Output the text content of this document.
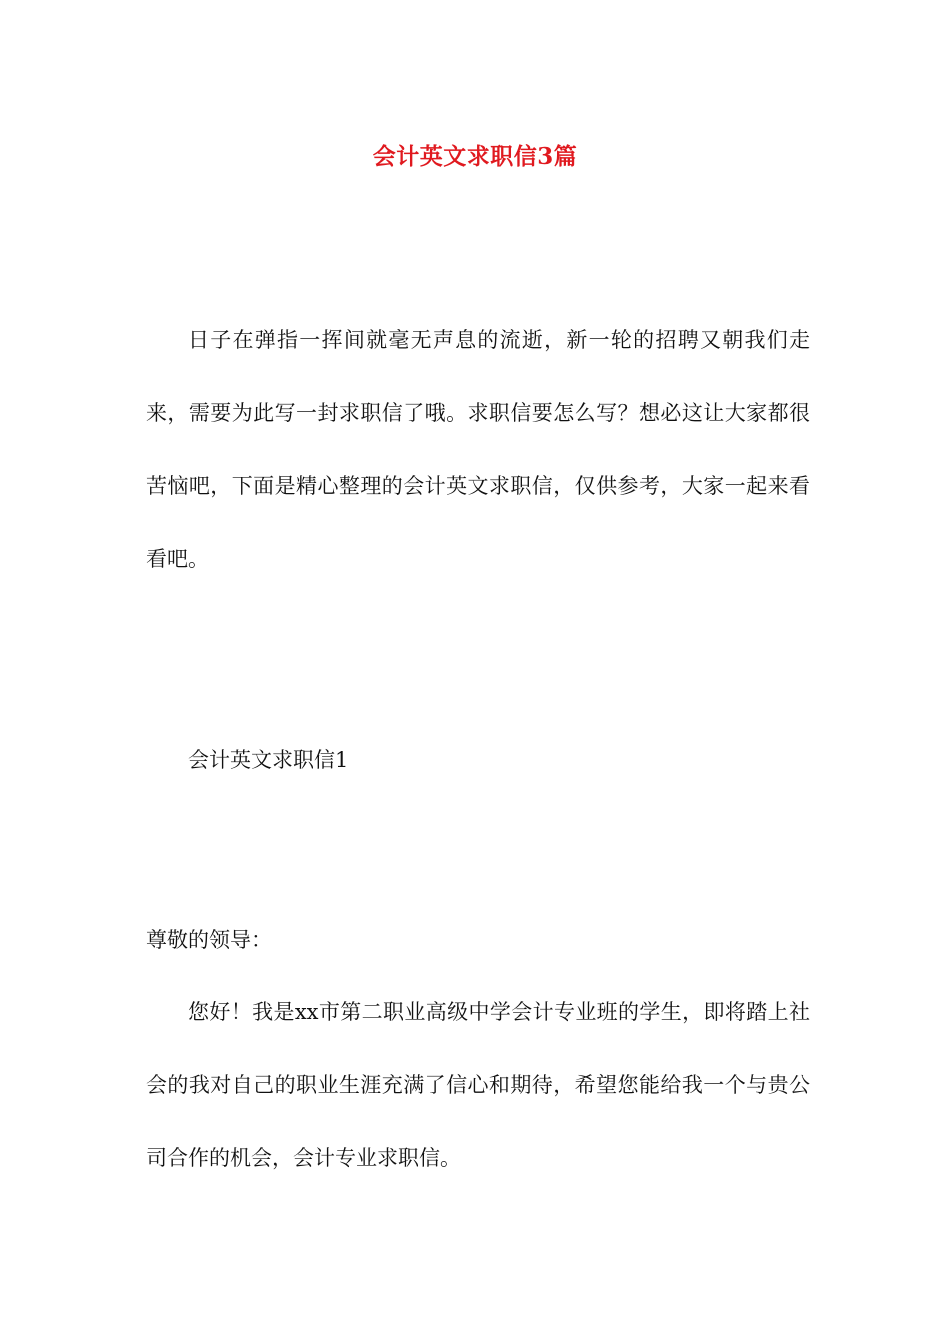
会计英文求职信3篇

日子在弹指一挥间就毫无声息的流逝，新一轮的招聘又朝我们走来，需要为此写一封求职信了哦。求职信要怎么写？想必这让大家都很苦恼吧，下面是精心整理的会计英文求职信，仅供参考，大家一起来看看吧。

会计英文求职信1

尊敬的领导：

您好！我是xx市第二职业高级中学会计专业班的学生，即将踏上社会的我对自己的职业生涯充满了信心和期待，希望您能给我一个与贵公司合作的机会，会计专业求职信。
